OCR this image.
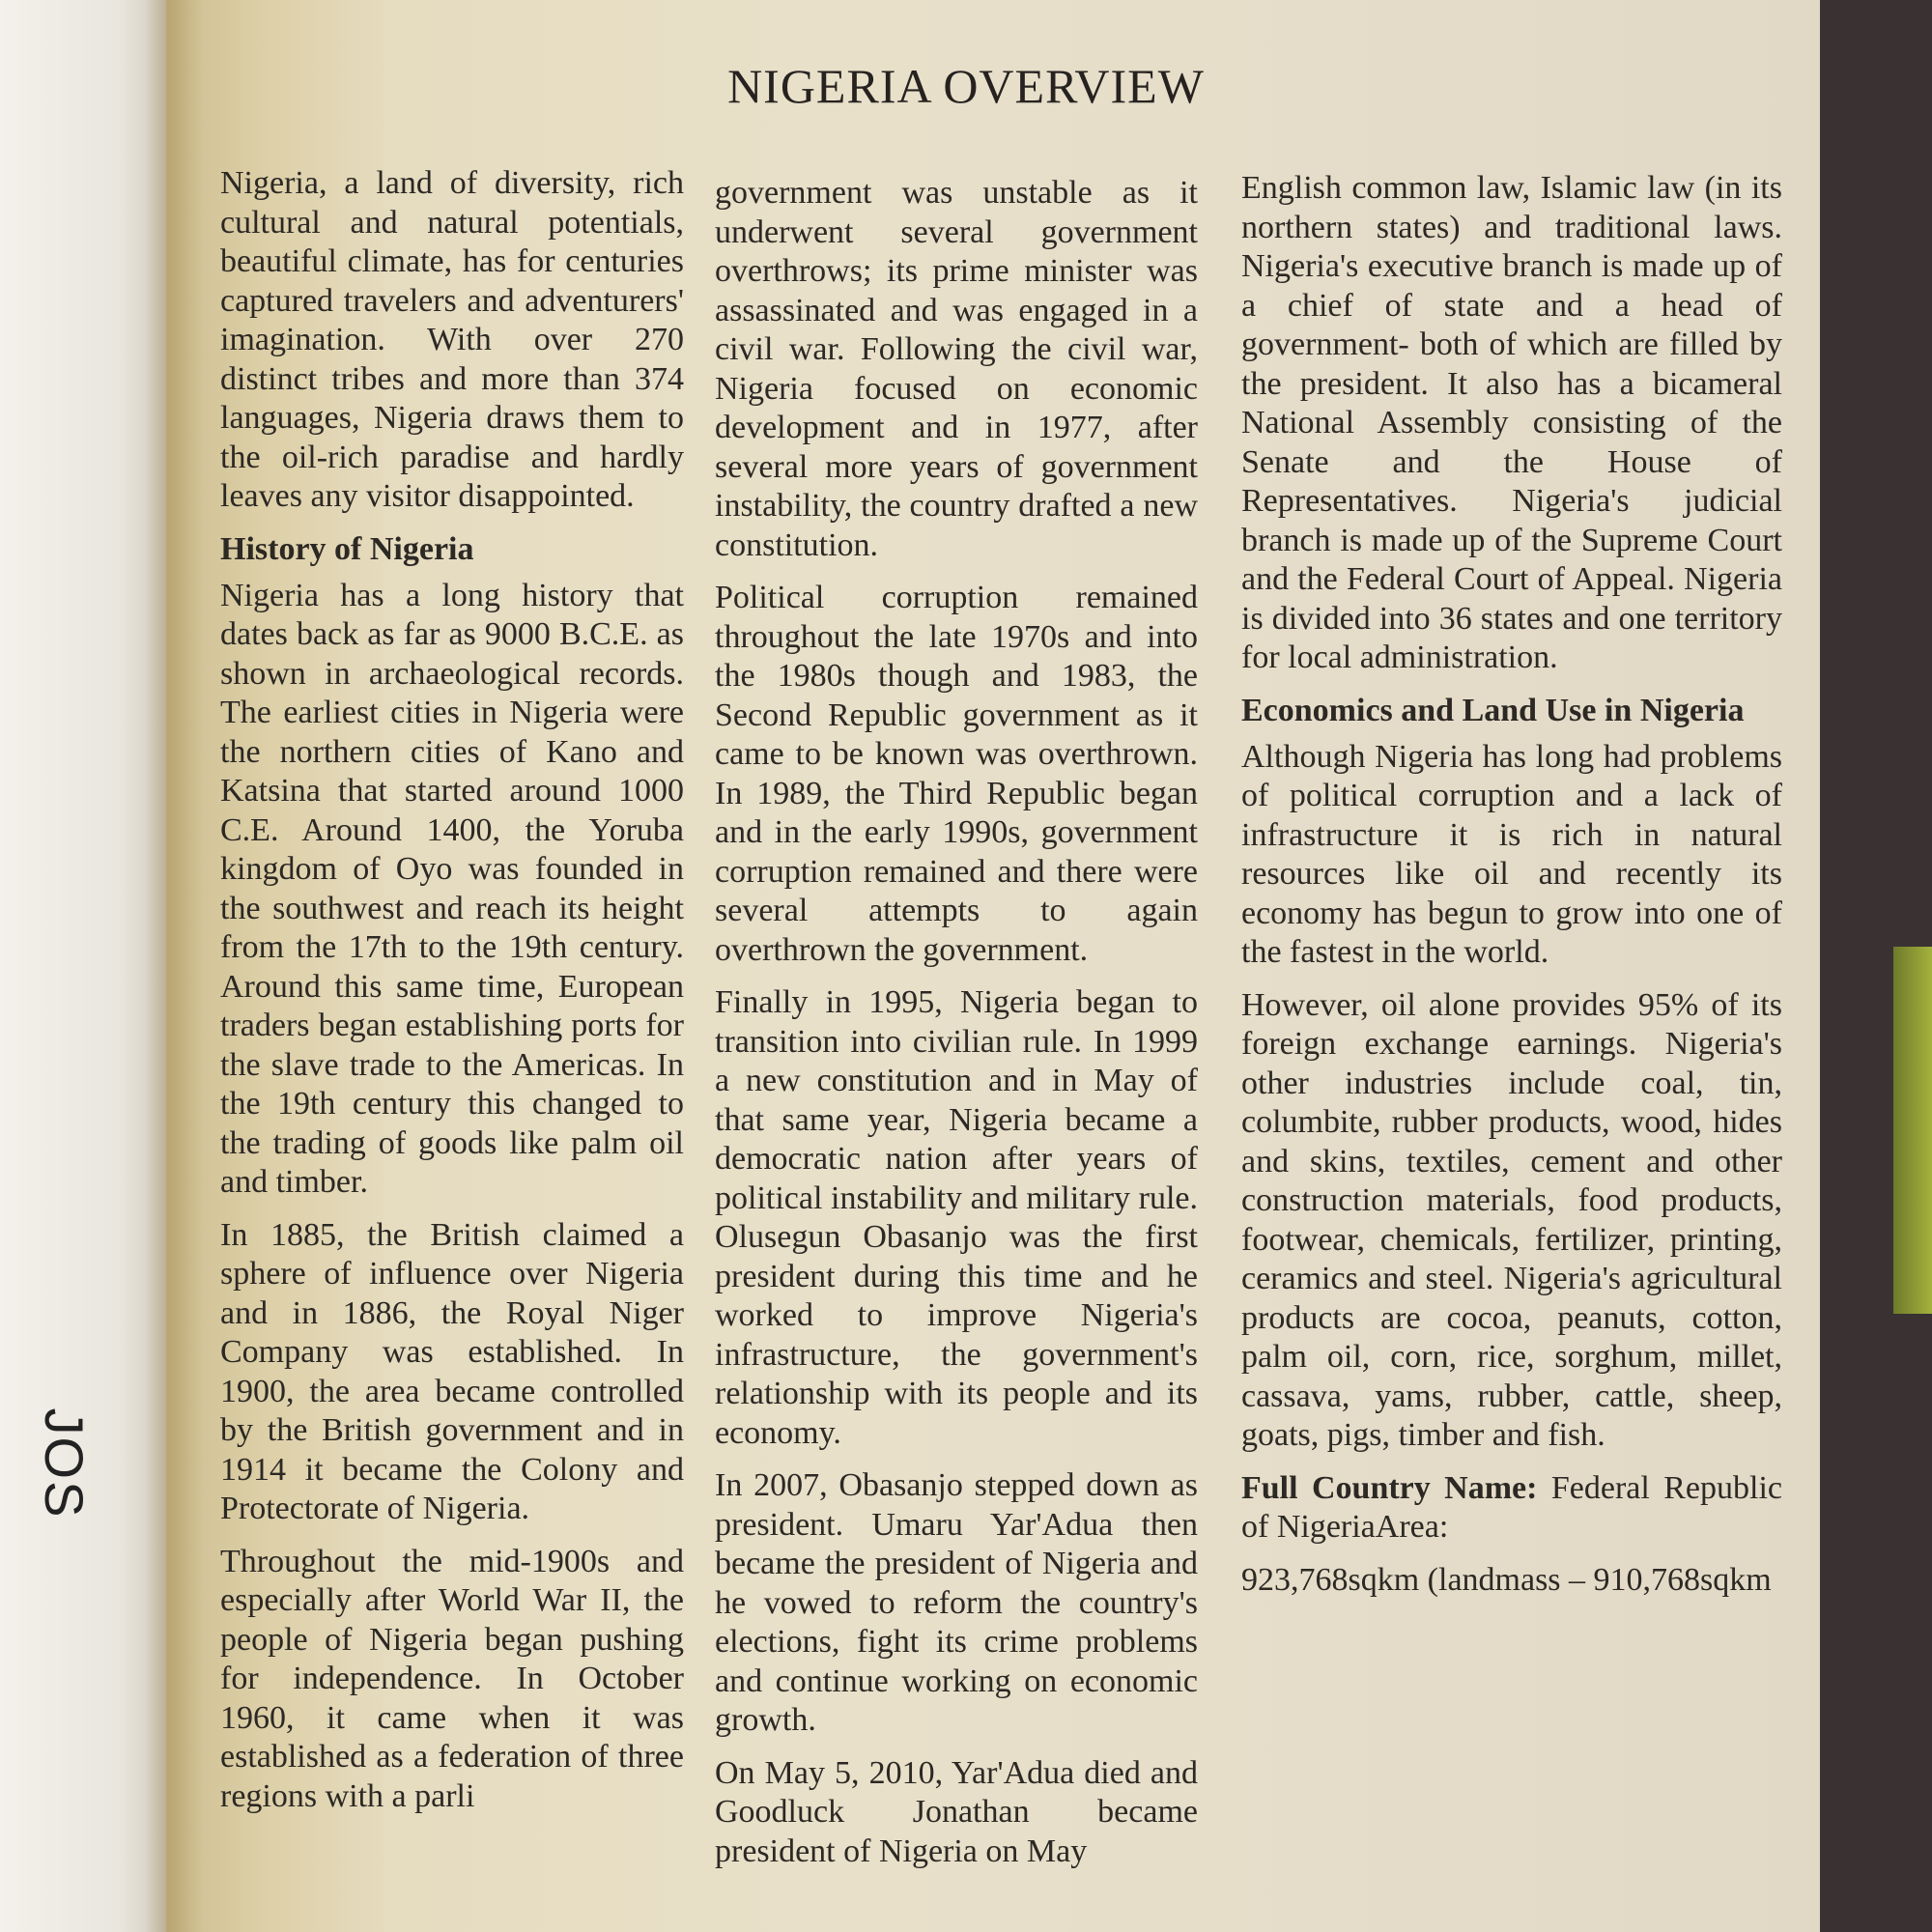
JOS
NIGERIA OVERVIEW

Nigeria, a land of diversity, rich cultural and natural potentials, beautiful climate, has for centuries captured travelers and adventurers' imagination. With over 270 distinct tribes and more than 374 languages, Nigeria draws them to the oil-rich paradise and hardly leaves any visitor disappointed.

History of Nigeria

Nigeria has a long history that dates back as far as 9000 B.C.E. as shown in archaeological records. The earliest cities in Nigeria were the northern cities of Kano and Katsina that started around 1000 C.E. Around 1400, the Yoruba kingdom of Oyo was founded in the southwest and reach its height from the 17th to the 19th century. Around this same time, European traders began establishing ports for the slave trade to the Americas. In the 19th century this changed to the trading of goods like palm oil and timber.

In 1885, the British claimed a sphere of influence over Nigeria and in 1886, the Royal Niger Company was established. In 1900, the area became controlled by the British government and in 1914 it became the Colony and Protectorate of Nigeria.

Throughout the mid-1900s and especially after World War II, the people of Nigeria began pushing for independence. In October 1960, it came when it was established as a federation of three regions with a parli

government was unstable as it underwent several government overthrows; its prime minister was assassinated and was engaged in a civil war. Following the civil war, Nigeria focused on economic development and in 1977, after several more years of government instability, the country drafted a new constitution.

Political corruption remained throughout the late 1970s and into the 1980s though and 1983, the Second Republic government as it came to be known was overthrown. In 1989, the Third Republic began and in the early 1990s, government corruption remained and there were several attempts to again overthrown the government.

Finally in 1995, Nigeria began to transition into civilian rule. In 1999 a new constitution and in May of that same year, Nigeria became a democratic nation after years of political instability and military rule. Olusegun Obasanjo was the first president during this time and he worked to improve Nigeria's infrastructure, the government's relationship with its people and its economy.

In 2007, Obasanjo stepped down as president. Umaru Yar'Adua then became the president of Nigeria and he vowed to reform the country's elections, fight its crime problems and continue working on economic growth.

On May 5, 2010, Yar'Adua died and Goodluck Jonathan became president of Nigeria on May

English common law, Islamic law (in its northern states) and traditional laws. Nigeria's executive branch is made up of a chief of state and a head of government- both of which are filled by the president. It also has a bicameral National Assembly consisting of the Senate and the House of Representatives. Nigeria's judicial branch is made up of the Supreme Court and the Federal Court of Appeal. Nigeria is divided into 36 states and one territory for local administration.

Economics and Land Use in Nigeria

Although Nigeria has long had problems of political corruption and a lack of infrastructure it is rich in natural resources like oil and recently its economy has begun to grow into one of the fastest in the world.

However, oil alone provides 95% of its foreign exchange earnings. Nigeria's other industries include coal, tin, columbite, rubber products, wood, hides and skins, textiles, cement and other construction materials, food products, footwear, chemicals, fertilizer, printing, ceramics and steel. Nigeria's agricultural products are cocoa, peanuts, cotton, palm oil, corn, rice, sorghum, millet, cassava, yams, rubber, cattle, sheep, goats, pigs, timber and fish.

Full Country Name: Federal Republic of NigeriaArea:

923,768sqkm (landmass – 910,768sqkm
